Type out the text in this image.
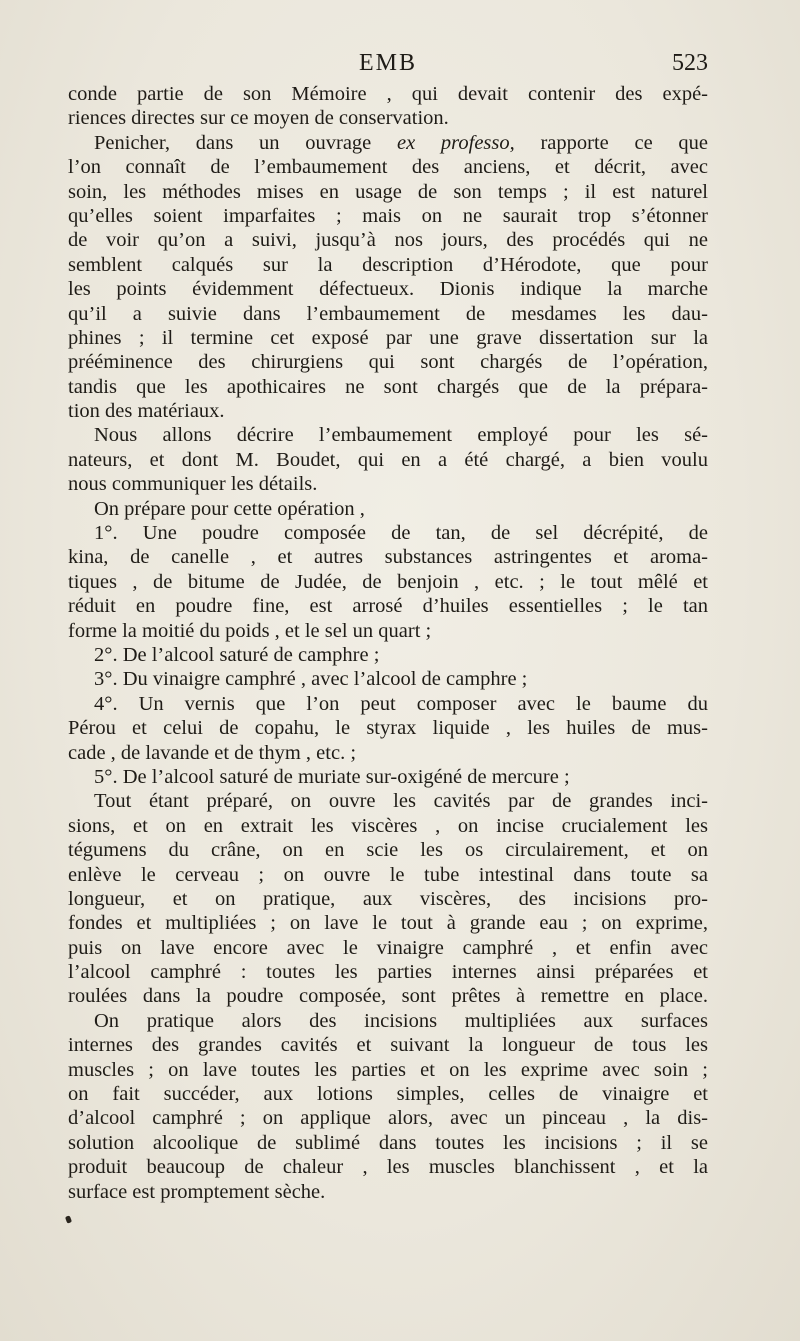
EMB	523
conde partie de son Mémoire , qui devait contenir des expé-
riences directes sur ce moyen de conservation.
Penicher, dans un ouvrage ex professo, rapporte ce que
l’on connaît de l’embaumement des anciens, et décrit, avec
soin, les méthodes mises en usage de son temps ; il est naturel
qu’elles soient imparfaites ; mais on ne saurait trop s’étonner
de voir qu’on a suivi, jusqu’à nos jours, des procédés qui ne
semblent calqués sur la description d’Hérodote, que pour
les points évidemment défectueux. Dionis indique la marche
qu’il a suivie dans l’embaumement de mesdames les dau-
phines ; il termine cet exposé par une grave dissertation sur la
prééminence des chirurgiens qui sont chargés de l’opération,
tandis que les apothicaires ne sont chargés que de la prépara-
tion des matériaux.
Nous allons décrire l’embaumement employé pour les sé-
nateurs, et dont M. Boudet, qui en a été chargé, a bien voulu
nous communiquer les détails.
On prépare pour cette opération ,
1°. Une poudre composée de tan, de sel décrépité, de
kina, de canelle , et autres substances astringentes et aroma-
tiques , de bitume de Judée, de benjoin , etc. ; le tout mêlé et
réduit en poudre fine, est arrosé d’huiles essentielles ; le tan
forme la moitié du poids , et le sel un quart ;
2°. De l’alcool saturé de camphre ;
3°. Du vinaigre camphré , avec l’alcool de camphre ;
4°. Un vernis que l’on peut composer avec le baume du
Pérou et celui de copahu, le styrax liquide , les huiles de mus-
cade , de lavande et de thym , etc. ;
5°. De l’alcool saturé de muriate sur-oxigéné de mercure ;
Tout étant préparé, on ouvre les cavités par de grandes inci-
sions, et on en extrait les viscères , on incise crucialement les
tégumens du crâne, on en scie les os circulairement, et on
enlève le cerveau ; on ouvre le tube intestinal dans toute sa
longueur, et on pratique, aux viscères, des incisions pro-
fondes et multipliées ; on lave le tout à grande eau ; on exprime,
puis on lave encore avec le vinaigre camphré , et enfin avec
l’alcool camphré : toutes les parties internes ainsi préparées et
roulées dans la poudre composée, sont prêtes à remettre en place.
On pratique alors des incisions multipliées aux surfaces
internes des grandes cavités et suivant la longueur de tous les
muscles ; on lave toutes les parties et on les exprime avec soin ;
on fait succéder, aux lotions simples, celles de vinaigre et
d’alcool camphré ; on applique alors, avec un pinceau , la dis-
solution alcoolique de sublimé dans toutes les incisions ; il se
produit beaucoup de chaleur , les muscles blanchissent , et la
surface est promptement sèche.
